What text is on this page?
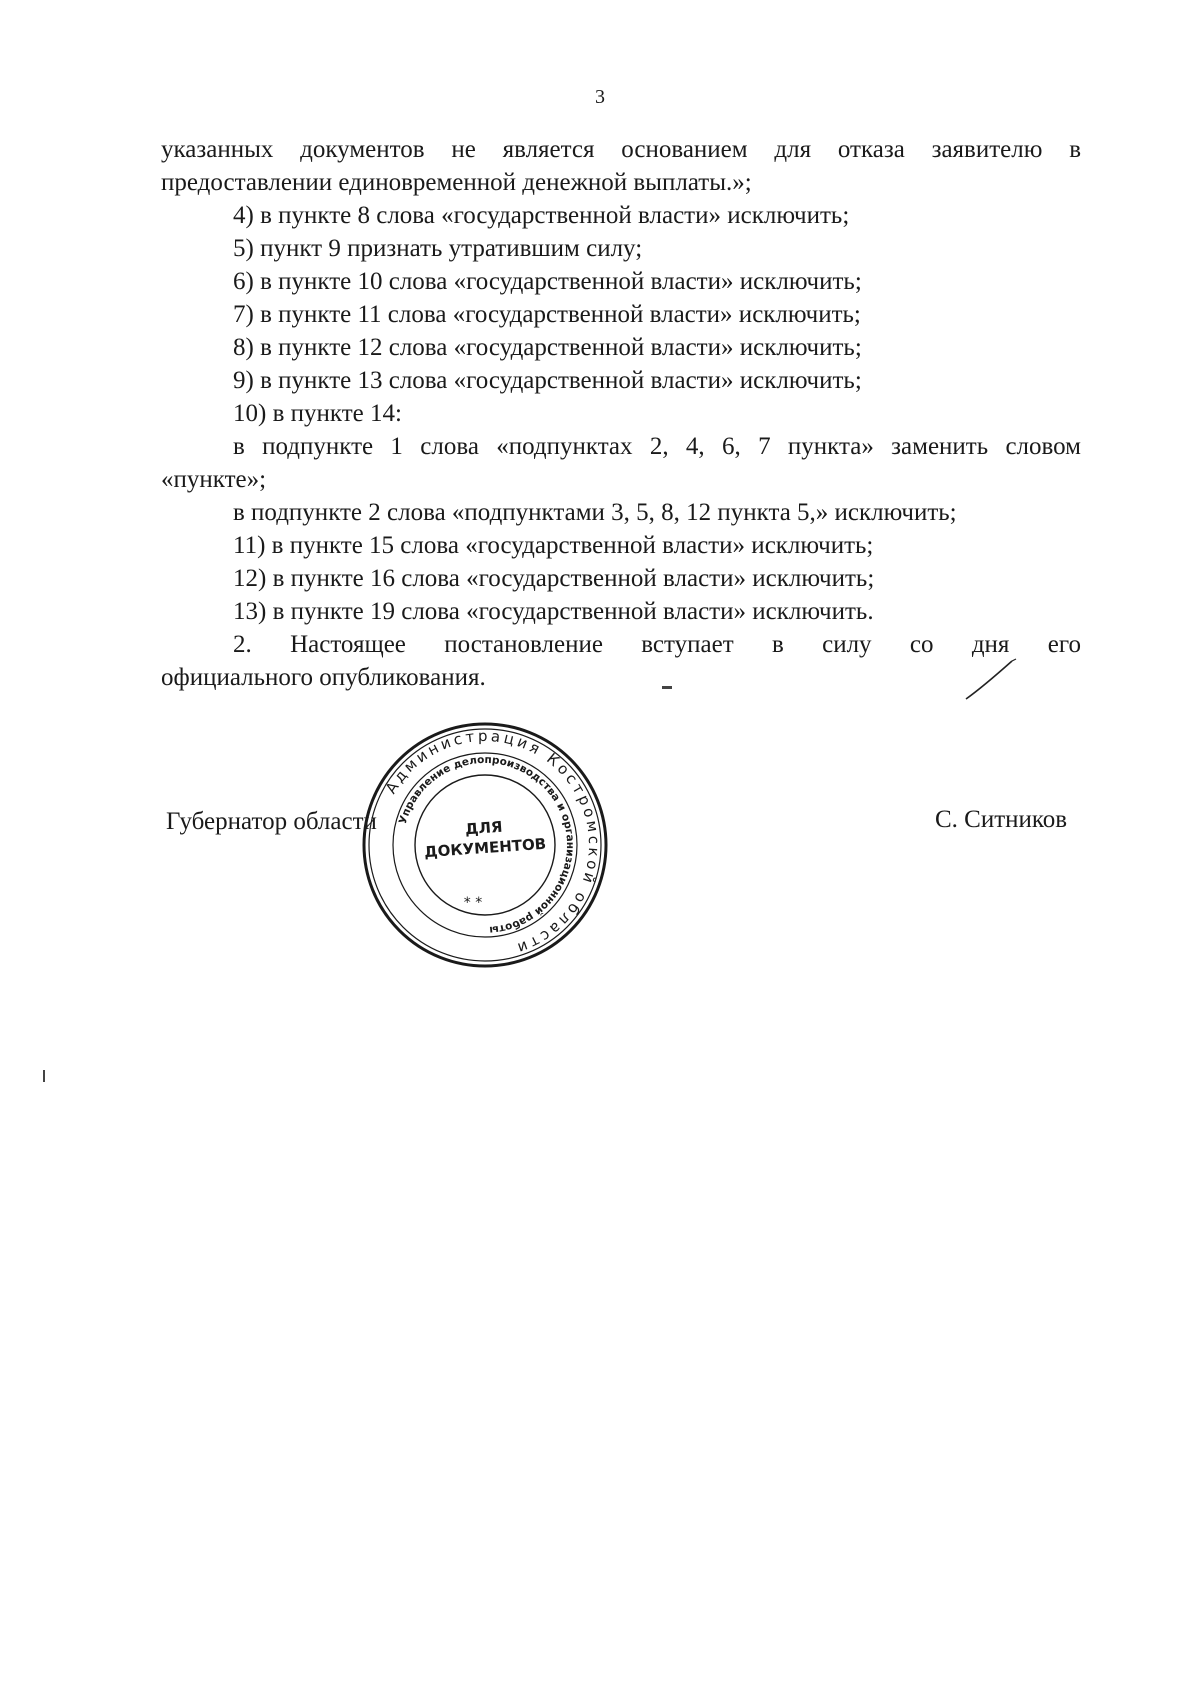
3

указанных документов не является основанием для отказа заявителю в

предоставлении единовременной денежной выплаты.»;

4) в пункте 8 слова «государственной власти» исключить;

5) пункт 9 признать утратившим силу;

6) в пункте 10 слова «государственной власти» исключить;

7) в пункте 11 слова «государственной власти» исключить;

8) в пункте 12 слова «государственной власти» исключить;

9) в пункте 13 слова «государственной власти» исключить;

10) в пункте 14:

в подпункте 1 слова «подпунктах 2, 4, 6, 7 пункта» заменить словом

«пункте»;

в подпункте 2 слова «подпунктами 3, 5, 8, 12 пункта 5,» исключить;

11) в пункте 15 слова «государственной власти» исключить;

12) в пункте 16 слова «государственной власти» исключить;

13) в пункте 19 слова «государственной власти» исключить.

2. Настоящее постановление вступает в силу со дня его

официального опубликования.

Губернатор области	С. Ситников
Администрация Костромской области
Управление делопроизводства и организационной работы
ДЛЯ
ДОКУМЕНТОВ
* *
